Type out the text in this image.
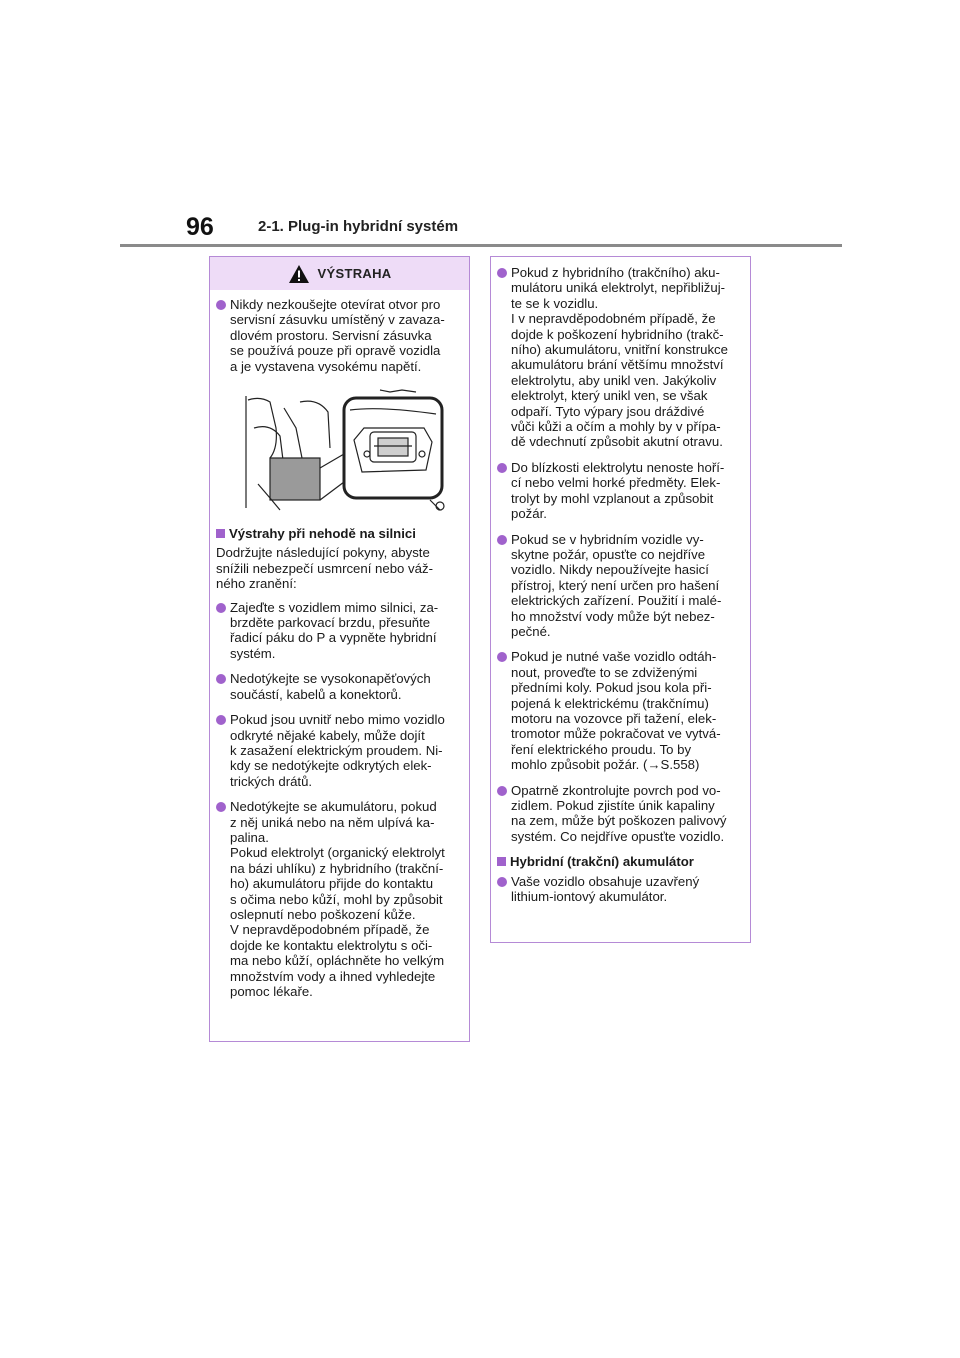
96	2-1. Plug-in hybridní systém
VÝSTRAHA
Nikdy nezkoušejte otevírat otvor pro
servisní zásuvku umístěný v zavaza-
dlovém prostoru. Servisní zásuvka
se používá pouze při opravě vozidla
a je vystavena vysokému napětí.
Výstrahy při nehodě na silnici
Dodržujte následující pokyny, abyste
snížili nebezpečí usmrcení nebo váž-
ného zranění:
Zajeďte s vozidlem mimo silnici, za-
brzděte parkovací brzdu, přesuňte
řadicí páku do P a vypněte hybridní
systém.
Nedotýkejte se vysokonapěťových
součástí, kabelů a konektorů.
Pokud jsou uvnitř nebo mimo vozidlo
odkryté nějaké kabely, může dojít
k zasažení elektrickým proudem. Ni-
kdy se nedotýkejte odkrytých elek-
trických drátů.
Nedotýkejte se akumulátoru, pokud
z něj uniká nebo na něm ulpívá ka-
palina.
Pokud elektrolyt (organický elektrolyt
na bázi uhlíku) z hybridního (trakční-
ho) akumulátoru přijde do kontaktu
s očima nebo kůží, mohl by způsobit
oslepnutí nebo poškození kůže.
V nepravděpodobném případě, že
dojde ke kontaktu elektrolytu s oči-
ma nebo kůží, opláchněte ho velkým
množstvím vody a ihned vyhledejte
pomoc lékaře.
Pokud z hybridního (trakčního) aku-
mulátoru uniká elektrolyt, nepřibližuj-
te se k vozidlu.
I v nepravděpodobném případě, že
dojde k poškození hybridního (trakč-
ního) akumulátoru, vnitřní konstrukce
akumulátoru brání většímu množství
elektrolytu, aby unikl ven. Jakýkoliv
elektrolyt, který unikl ven, se však
odpaří. Tyto výpary jsou dráždivé
vůči kůži a očím a mohly by v přípa-
dě vdechnutí způsobit akutní otravu.
Do blízkosti elektrolytu nenoste hoří-
cí nebo velmi horké předměty. Elek-
trolyt by mohl vzplanout a způsobit
požár.
Pokud se v hybridním vozidle vy-
skytne požár, opusťte co nejdříve
vozidlo. Nikdy nepoužívejte hasicí
přístroj, který není určen pro hašení
elektrických zařízení. Použití i malé-
ho množství vody může být nebez-
pečné.
Pokud je nutné vaše vozidlo odtáh-
nout, proveďte to se zdviženými
předními koly. Pokud jsou kola při-
pojená k elektrickému (trakčnímu)
motoru na vozovce při tažení, elek-
tromotor může pokračovat ve vytvá-
ření elektrického proudu. To by
mohlo způsobit požár. (→S.558)
Opatrně zkontrolujte povrch pod vo-
zidlem. Pokud zjistíte únik kapaliny
na zem, může být poškozen palivový
systém. Co nejdříve opusťte vozidlo.
Hybridní (trakční) akumulátor
Vaše vozidlo obsahuje uzavřený
lithium-iontový akumulátor.
